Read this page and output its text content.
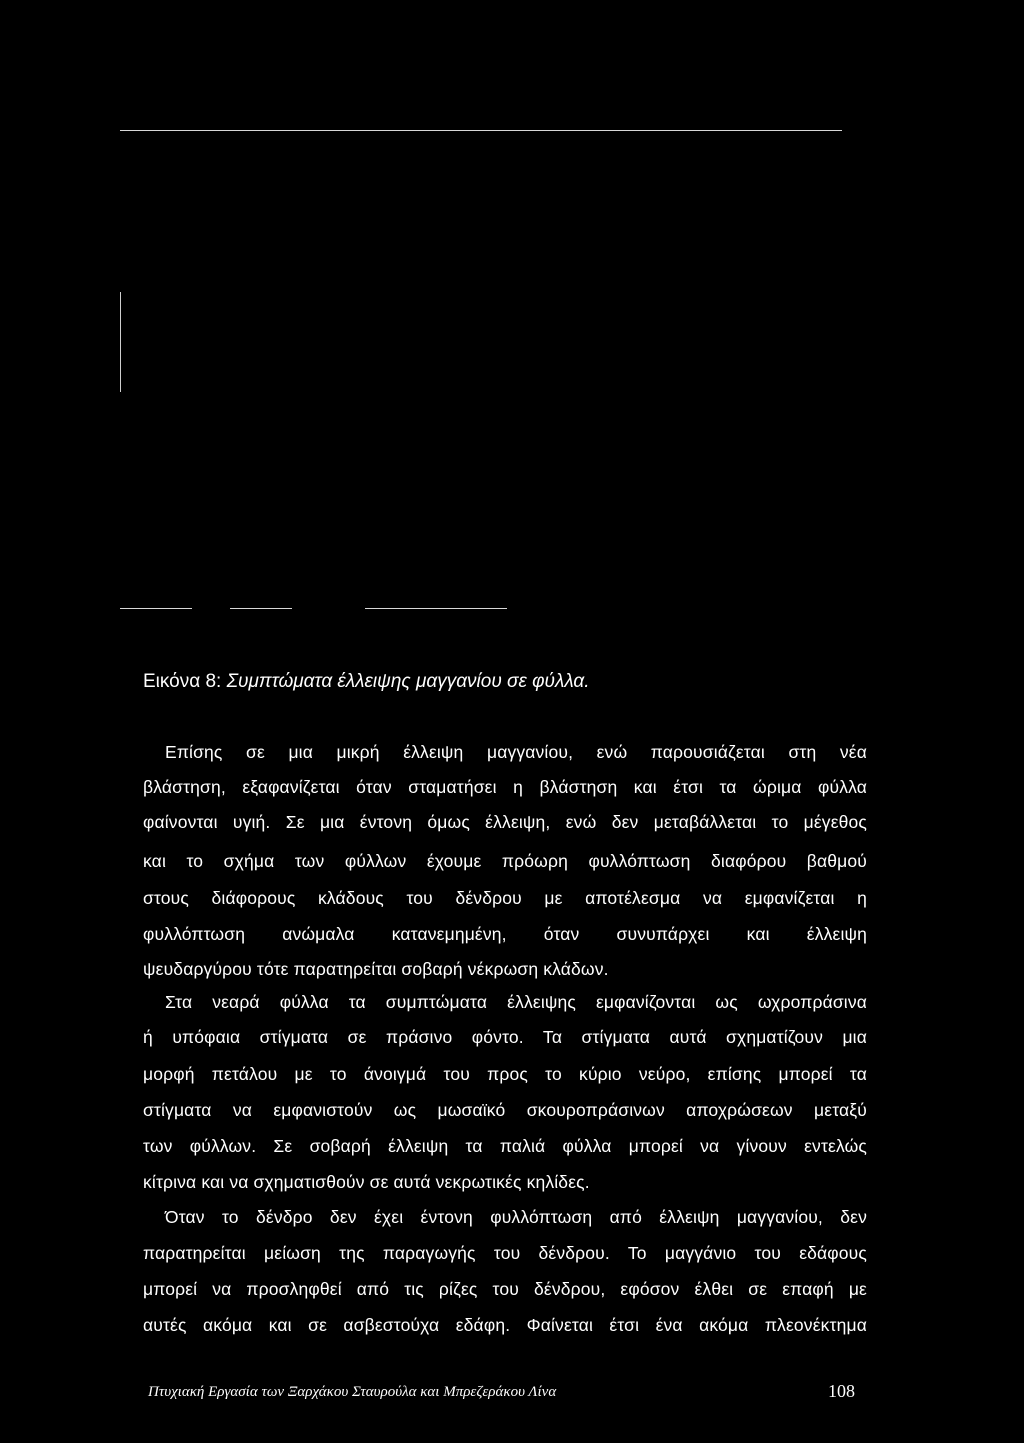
Εικόνα 8: Συμπτώματα έλλειψης μαγγανίου σε φύλλα.
Επίσης σε μια μικρή έλλειψη μαγγανίου, ενώ παρουσιάζεται στη νέα
βλάστηση, εξαφανίζεται όταν σταματήσει η βλάστηση και έτσι τα ώριμα φύλλα
φαίνονται υγιή. Σε μια έντονη όμως έλλειψη, ενώ δεν μεταβάλλεται το μέγεθος
και το σχήμα των φύλλων έχουμε πρόωρη φυλλόπτωση διαφόρου βαθμού
στους διάφορους κλάδους του δένδρου με αποτέλεσμα να εμφανίζεται η
φυλλόπτωση ανώμαλα κατανεμημένη, όταν συνυπάρχει και έλλειψη
ψευδαργύρου τότε παρατηρείται σοβαρή νέκρωση κλάδων.
Στα νεαρά φύλλα τα συμπτώματα έλλειψης εμφανίζονται ως ωχροπράσινα
ή υπόφαια στίγματα σε πράσινο φόντο. Τα στίγματα αυτά σχηματίζουν μια
μορφή πετάλου με το άνοιγμά του προς το κύριο νεύρο, επίσης μπορεί τα
στίγματα να εμφανιστούν ως μωσαϊκό σκουροπράσινων αποχρώσεων μεταξύ
των φύλλων. Σε σοβαρή έλλειψη τα παλιά φύλλα μπορεί να γίνουν εντελώς
κίτρινα και να σχηματισθούν σε αυτά νεκρωτικές κηλίδες.
Όταν το δένδρο δεν έχει έντονη φυλλόπτωση από έλλειψη μαγγανίου, δεν
παρατηρείται μείωση της παραγωγής του δένδρου. Το μαγγάνιο του εδάφους
μπορεί να προσληφθεί από τις ρίζες του δένδρου, εφόσον έλθει σε επαφή με
αυτές ακόμα και σε ασβεστούχα εδάφη. Φαίνεται έτσι ένα ακόμα πλεονέκτημα
Πτυχιακή Εργασία των Ξαρχάκου Σταυρούλα και Μπρεζεράκου Λίνα	108
